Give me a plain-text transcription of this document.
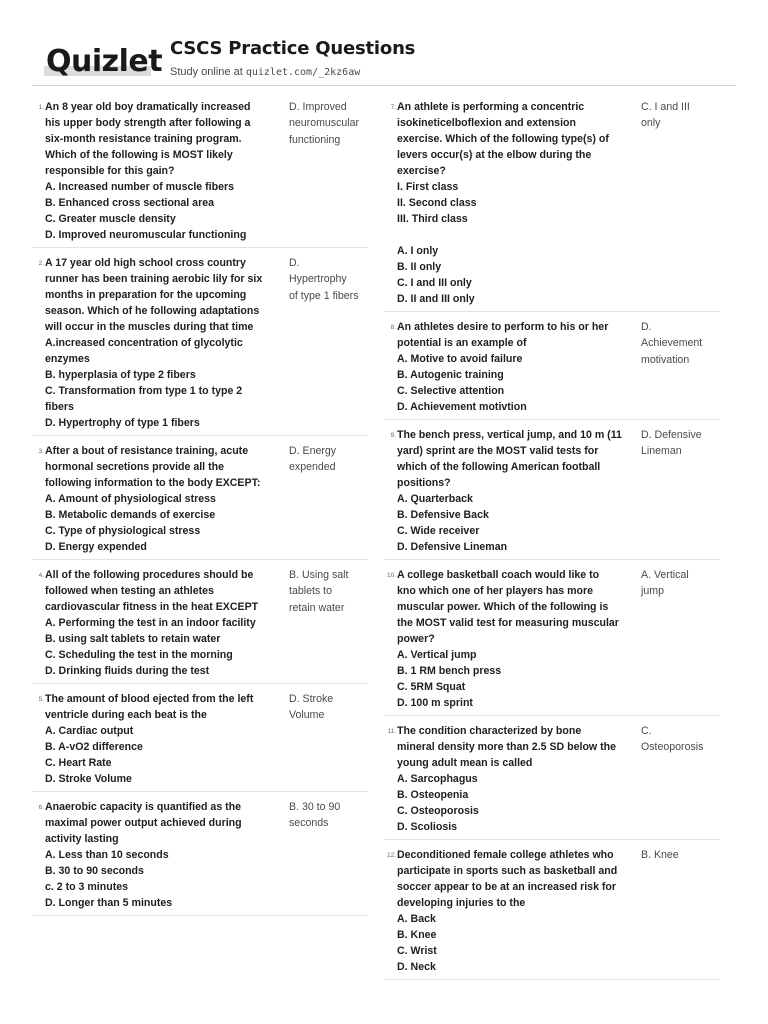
Quizlet CSCS Practice Questions
Study online at quizlet.com/_2kz6aw
1. An 8 year old boy dramatically increased
his upper body strength after following a
six-month resistance training program.
Which of the following is MOST likely
responsible for this gain?
A. Increased number of muscle fibers
B. Enhanced cross sectional area
C. Greater muscle density
D. Improved neuromuscular functioning
D. Improved
neuromuscular
functioning
2. A 17 year old high school cross country
runner has been training aerobic lily for six
months in preparation for the upcoming
season. Which of he following adaptations
will occur in the muscles during that time
A.increased concentration of glycolytic
enzymes
B. hyperplasia of type 2 fibers
C. Transformation from type 1 to type 2
fibers
D. Hypertrophy of type 1 fibers
D.
Hypertrophy
of type 1 fibers
3. After a bout of resistance training, acute
hormonal secretions provide all the
following information to the body EXCEPT:
A. Amount of physiological stress
B. Metabolic demands of exercise
C. Type of physiological stress
D. Energy expended
D. Energy
expended
4. All of the following procedures should be
followed when testing an athletes
cardiovascular fitness in the heat EXCEPT
A. Performing the test in an indoor facility
B. using salt tablets to retain water
C. Scheduling the test in the morning
D. Drinking fluids during the test
B. Using salt
tablets to
retain water
5. The amount of blood ejected from the left
ventricle during each beat is the
A. Cardiac output
B. A-vO2 difference
C. Heart Rate
D. Stroke Volume
D. Stroke
Volume
6. Anaerobic capacity is quantified as the
maximal power output achieved during
activity lasting
A. Less than 10 seconds
B. 30 to 90 seconds
c. 2 to 3 minutes
D. Longer than 5 minutes
B. 30 to 90
seconds
7. An athlete is performing a concentric
isokineticelboflexion and extension
exercise. Which of the following type(s) of
levers occur(s) at the elbow during the
exercise?
I. First class
II. Second class
III. Third class

A. I only
B. II only
C. I and III only
D. II and III only
C. I and III
only
8. An athletes desire to perform to his or her
potential is an example of
A. Motive to avoid failure
B. Autogenic training
C. Selective attention
D. Achievement motivtion
D.
Achievement
motivation
9. The bench press, vertical jump, and 10 m (11
yard) sprint are the MOST valid tests for
which of the following American football
positions?
A. Quarterback
B. Defensive Back
C. Wide receiver
D. Defensive Lineman
D. Defensive
Lineman
10. A college basketball coach would like to
kno which one of her players has more
muscular power. Which of the following is
the MOST valid test for measuring muscular
power?
A. Vertical jump
B. 1 RM bench press
C. 5RM Squat
D. 100 m sprint
A. Vertical
jump
11. The condition characterized by bone
mineral density more than 2.5 SD below the
young adult mean is called
A. Sarcophagus
B. Osteopenia
C. Osteoporosis
D. Scoliosis
C.
Osteoporosis
12. Deconditioned female college athletes who
participate in sports such as basketball and
soccer appear to be at an increased risk for
developing injuries to the
A. Back
B. Knee
C. Wrist
D. Neck
B. Knee
